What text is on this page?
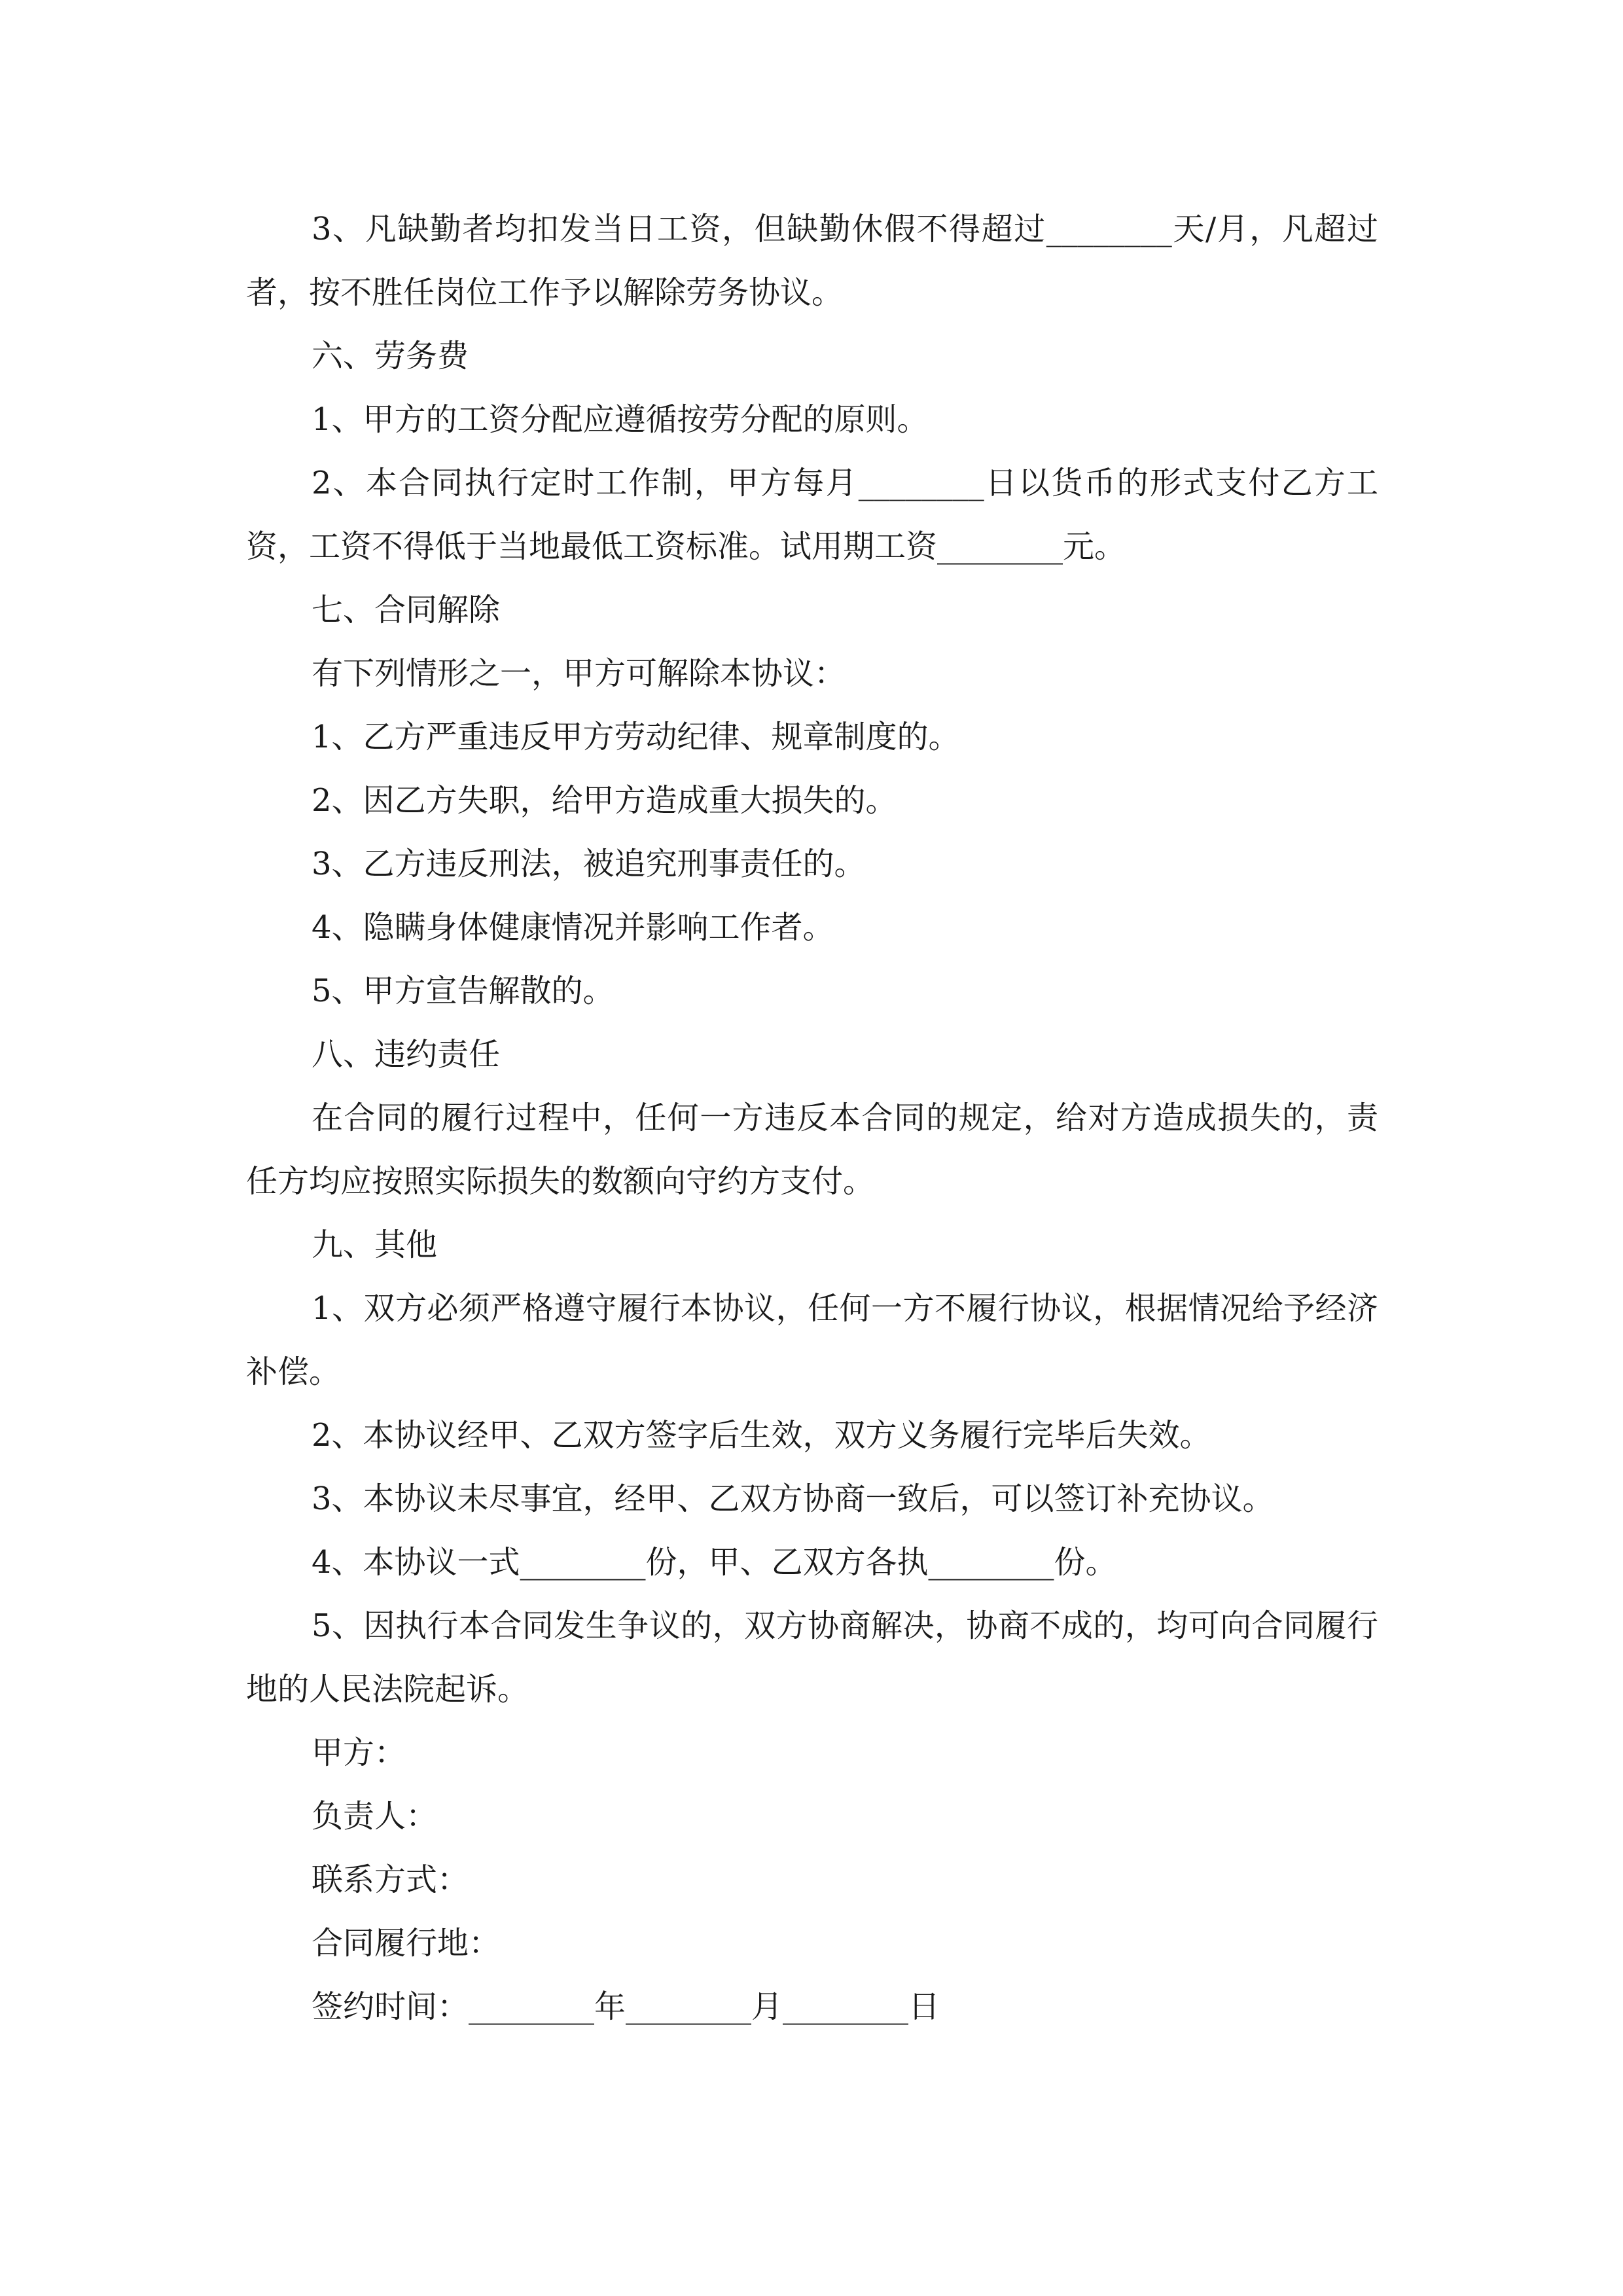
3、凡缺勤者均扣发当日工资，但缺勤休假不得超过________天/月，凡超过者，按不胜任岗位工作予以解除劳务协议。

六、劳务费

1、甲方的工资分配应遵循按劳分配的原则。

2、本合同执行定时工作制，甲方每月________日以货币的形式支付乙方工资，工资不得低于当地最低工资标准。试用期工资________元。

七、合同解除

有下列情形之一，甲方可解除本协议：

1、乙方严重违反甲方劳动纪律、规章制度的。

2、因乙方失职，给甲方造成重大损失的。

3、乙方违反刑法，被追究刑事责任的。

4、隐瞒身体健康情况并影响工作者。

5、甲方宣告解散的。

八、违约责任

在合同的履行过程中，任何一方违反本合同的规定，给对方造成损失的，责任方均应按照实际损失的数额向守约方支付。

九、其他

1、双方必须严格遵守履行本协议，任何一方不履行协议，根据情况给予经济补偿。

2、本协议经甲、乙双方签字后生效，双方义务履行完毕后失效。

3、本协议未尽事宜，经甲、乙双方协商一致后，可以签订补充协议。

4、本协议一式________份，甲、乙双方各执________份。

5、因执行本合同发生争议的，双方协商解决，协商不成的，均可向合同履行地的人民法院起诉。

甲方：

负责人：

联系方式：

合同履行地：

签约时间：________年________月________日
